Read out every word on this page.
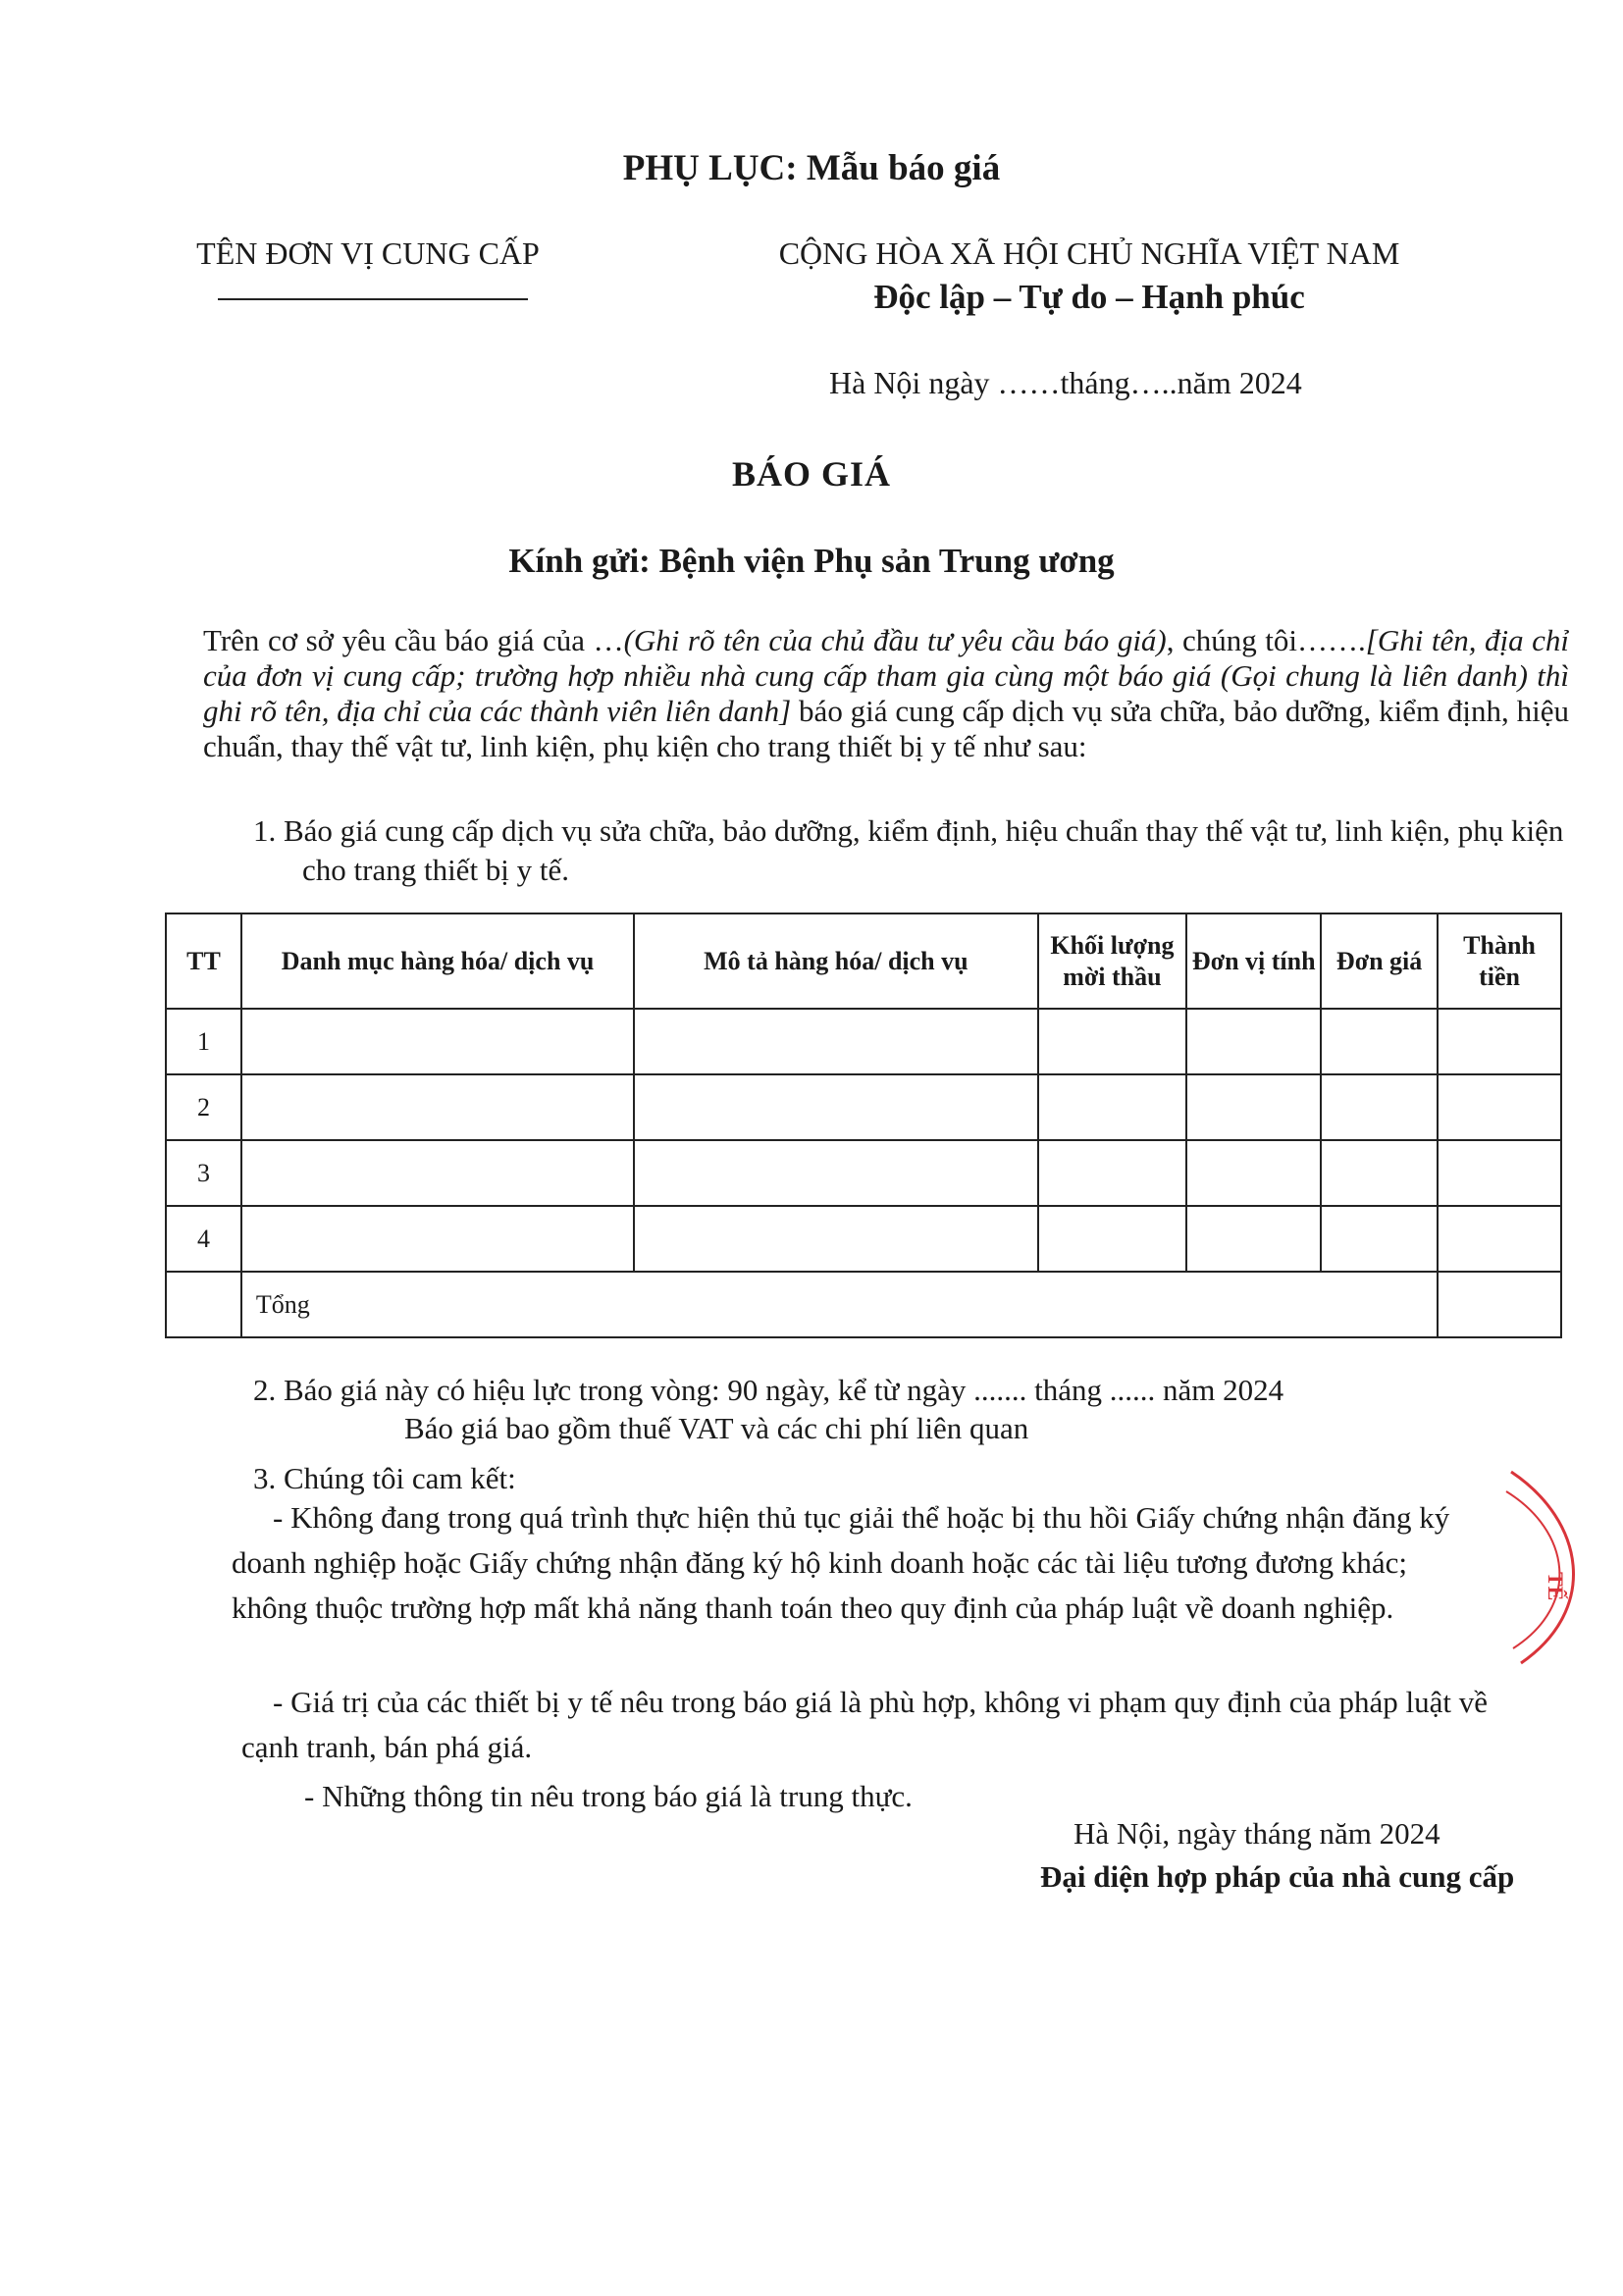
PHỤ LỤC: Mẫu báo giá
TÊN ĐƠN VỊ CUNG CẤP	CỘNG HÒA XÃ HỘI CHỦ NGHĨA VIỆT NAM
Độc lập – Tự do – Hạnh phúc
Hà Nội ngày ……tháng…..năm 2024
BÁO GIÁ
Kính gửi: Bệnh viện Phụ sản Trung ương
Trên cơ sở yêu cầu báo giá của …(Ghi rõ tên của chủ đầu tư yêu cầu báo giá), chúng tôi…….[Ghi tên, địa chỉ của đơn vị cung cấp; trường hợp nhiều nhà cung cấp tham gia cùng một báo giá (Gọi chung là liên danh) thì ghi rõ tên, địa chỉ của các thành viên liên danh] báo giá cung cấp dịch vụ sửa chữa, bảo dưỡng, kiểm định, hiệu chuẩn, thay thế vật tư, linh kiện, phụ kiện cho trang thiết bị y tế như sau:
1. Báo giá cung cấp dịch vụ sửa chữa, bảo dưỡng, kiểm định, hiệu chuẩn thay thế vật tư, linh kiện, phụ kiện cho trang thiết bị y tế.
TT	Danh mục hàng hóa/ dịch vụ	Mô tả hàng hóa/ dịch vụ	Khối lượng mời thầu	Đơn vị tính	Đơn giá	Thành tiền
1						
2						
3						
4						
	Tổng					
2. Báo giá này có hiệu lực trong vòng: 90 ngày, kể từ ngày ....... tháng ...... năm 2024
Báo giá bao gồm thuế VAT và các chi phí liên quan
3. Chúng tôi cam kết:
- Không đang trong quá trình thực hiện thủ tục giải thể hoặc bị thu hồi Giấy chứng nhận đăng ký doanh nghiệp hoặc Giấy chứng nhận đăng ký hộ kinh doanh hoặc các tài liệu tương đương khác; không thuộc trường hợp mất khả năng thanh toán theo quy định của pháp luật về doanh nghiệp.
- Giá trị của các thiết bị y tế nêu trong báo giá là phù hợp, không vi phạm quy định của pháp luật về cạnh tranh, bán phá giá.
- Những thông tin nêu trong báo giá là trung thực.
Hà Nội, ngày tháng năm 2024
Đại diện hợp pháp của nhà cung cấp
TẾ
